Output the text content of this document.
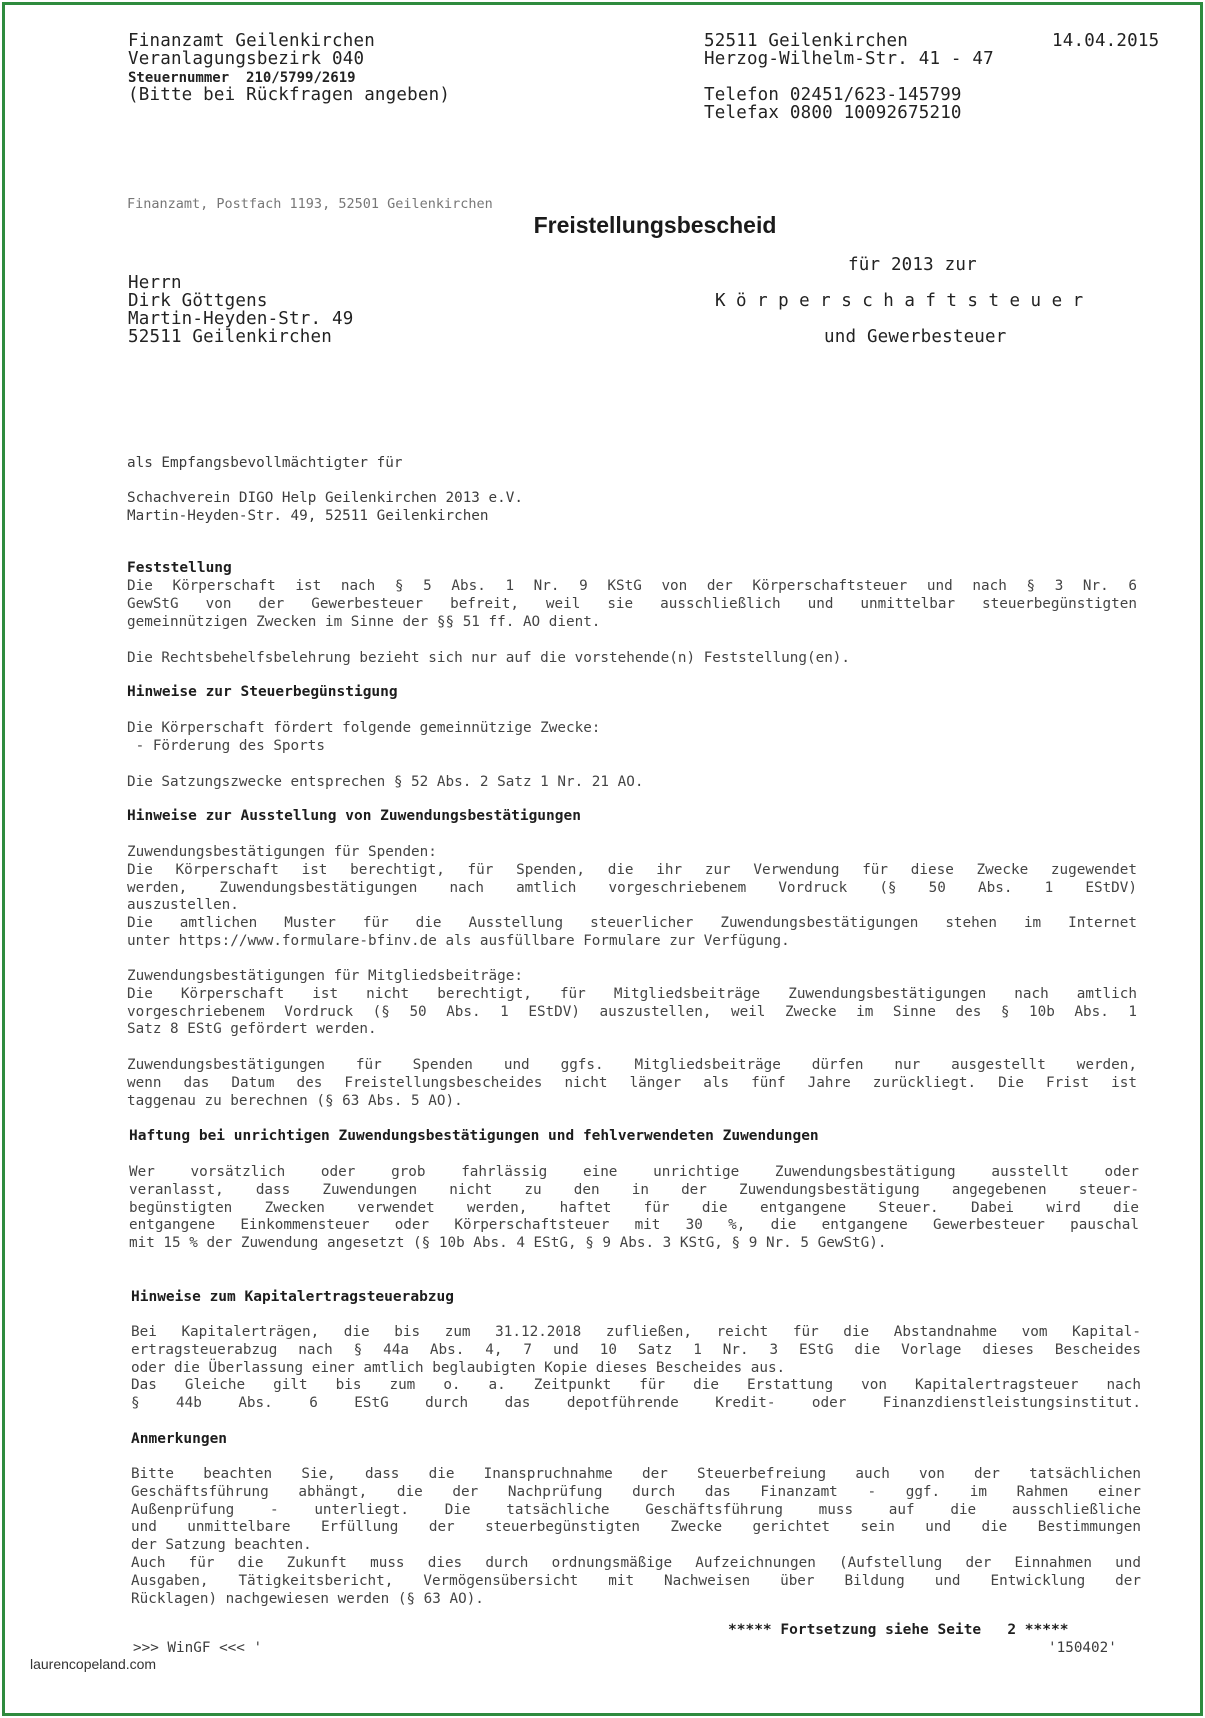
Finanzamt Geilenkirchen
Veranlagungsbezirk 040
Steuernummer 210/5799/2619
(Bitte bei Rückfragen angeben)
52511 Geilenkirchen
Herzog-Wilhelm-Str. 41 - 47
Telefon 02451/623-145799
Telefax 0800 10092675210
14.04.2015
Finanzamt, Postfach 1193, 52501 Geilenkirchen
Freistellungsbescheid
für 2013 zur
Körperschaftsteuer
und Gewerbesteuer
Herrn
Dirk Göttgens
Martin-Heyden-Str. 49
52511 Geilenkirchen
als Empfangsbevollmächtigter für
Schachverein DIGO Help Geilenkirchen 2013 e.V.
Martin-Heyden-Str. 49, 52511 Geilenkirchen
Feststellung
Die Körperschaft ist nach § 5 Abs. 1 Nr. 9 KStG von der Körperschaftsteuer und nach § 3 Nr. 6
GewStG von der Gewerbesteuer befreit, weil sie ausschließlich und unmittelbar steuerbegünstigten
gemeinnützigen Zwecken im Sinne der §§ 51 ff. AO dient.
Die Rechtsbehelfsbelehrung bezieht sich nur auf die vorstehende(n) Feststellung(en).
Hinweise zur Steuerbegünstigung
Die Körperschaft fördert folgende gemeinnützige Zwecke:
- Förderung des Sports
Die Satzungszwecke entsprechen § 52 Abs. 2 Satz 1 Nr. 21 AO.
Hinweise zur Ausstellung von Zuwendungsbestätigungen
Zuwendungsbestätigungen für Spenden:
Die Körperschaft ist berechtigt, für Spenden, die ihr zur Verwendung für diese Zwecke zugewendet
werden, Zuwendungsbestätigungen nach amtlich vorgeschriebenem Vordruck (§ 50 Abs. 1 EStDV)
auszustellen.
Die amtlichen Muster für die Ausstellung steuerlicher Zuwendungsbestätigungen stehen im Internet
unter https://www.formulare-bfinv.de als ausfüllbare Formulare zur Verfügung.
Zuwendungsbestätigungen für Mitgliedsbeiträge:
Die Körperschaft ist nicht berechtigt, für Mitgliedsbeiträge Zuwendungsbestätigungen nach amtlich
vorgeschriebenem Vordruck (§ 50 Abs. 1 EStDV) auszustellen, weil Zwecke im Sinne des § 10b Abs. 1
Satz 8 EStG gefördert werden.
Zuwendungsbestätigungen für Spenden und ggfs. Mitgliedsbeiträge dürfen nur ausgestellt werden,
wenn das Datum des Freistellungsbescheides nicht länger als fünf Jahre zurückliegt. Die Frist ist
taggenau zu berechnen (§ 63 Abs. 5 AO).
Haftung bei unrichtigen Zuwendungsbestätigungen und fehlverwendeten Zuwendungen
Wer vorsätzlich oder grob fahrlässig eine unrichtige Zuwendungsbestätigung ausstellt oder
veranlasst, dass Zuwendungen nicht zu den in der Zuwendungsbestätigung angegebenen steuer-
begünstigten Zwecken verwendet werden, haftet für die entgangene Steuer. Dabei wird die
entgangene Einkommensteuer oder Körperschaftsteuer mit 30 %, die entgangene Gewerbesteuer pauschal
mit 15 % der Zuwendung angesetzt (§ 10b Abs. 4 EStG, § 9 Abs. 3 KStG, § 9 Nr. 5 GewStG).
Hinweise zum Kapitalertragsteuerabzug
Bei Kapitalerträgen, die bis zum 31.12.2018 zufließen, reicht für die Abstandnahme vom Kapital-
ertragsteuerabzug nach § 44a Abs. 4, 7 und 10 Satz 1 Nr. 3 EStG die Vorlage dieses Bescheides
oder die Überlassung einer amtlich beglaubigten Kopie dieses Bescheides aus.
Das Gleiche gilt bis zum o. a. Zeitpunkt für die Erstattung von Kapitalertragsteuer nach
§ 44b Abs. 6 EStG durch das depotführende Kredit- oder Finanzdienstleistungsinstitut.
Anmerkungen
Bitte beachten Sie, dass die Inanspruchnahme der Steuerbefreiung auch von der tatsächlichen
Geschäftsführung abhängt, die der Nachprüfung durch das Finanzamt - ggf. im Rahmen einer
Außenprüfung - unterliegt. Die tatsächliche Geschäftsführung muss auf die ausschließliche
und unmittelbare Erfüllung der steuerbegünstigten Zwecke gerichtet sein und die Bestimmungen
der Satzung beachten.
Auch für die Zukunft muss dies durch ordnungsmäßige Aufzeichnungen (Aufstellung der Einnahmen und
Ausgaben, Tätigkeitsbericht, Vermögensübersicht mit Nachweisen über Bildung und Entwicklung der
Rücklagen) nachgewiesen werden (§ 63 AO).
***** Fortsetzung siehe Seite   2 *****
>>> WinGF <<< '	'150402'
laurencopeland.com
